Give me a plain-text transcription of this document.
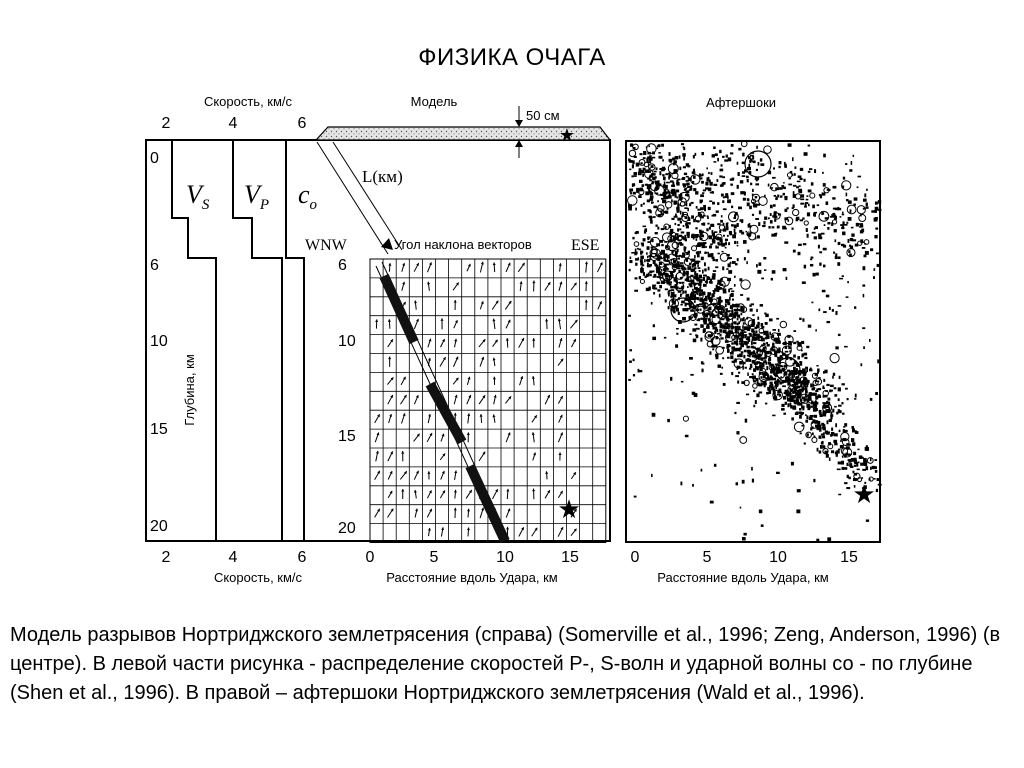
ФИЗИКА ОЧАГА
Скорость, км/с
2	4	6
0
6
10
15
20
Глубина, км
$V_S$ $V_P$ $c_o$
2	4	6
Скорость, км/с
Модель
★
50 см
L(км)
WNW	Угол наклона векторов ESE
6
10
15
20
★
0	5	10	15
Расстояние вдоль Удара, км
Афтершоки
★
0	5	10	15
Расстояние вдоль Удара, км
Модель разрывов Нортриджского землетрясения (справа) (Somerville et al., 1996; Zeng, Anderson, 1996) (в центре). В левой части рисунка - распределение скоростей P-, S-волн и ударной волны со - по глубине (Shen et al., 1996). В правой – афтершоки Нортриджского землетрясения (Wald et al., 1996).
